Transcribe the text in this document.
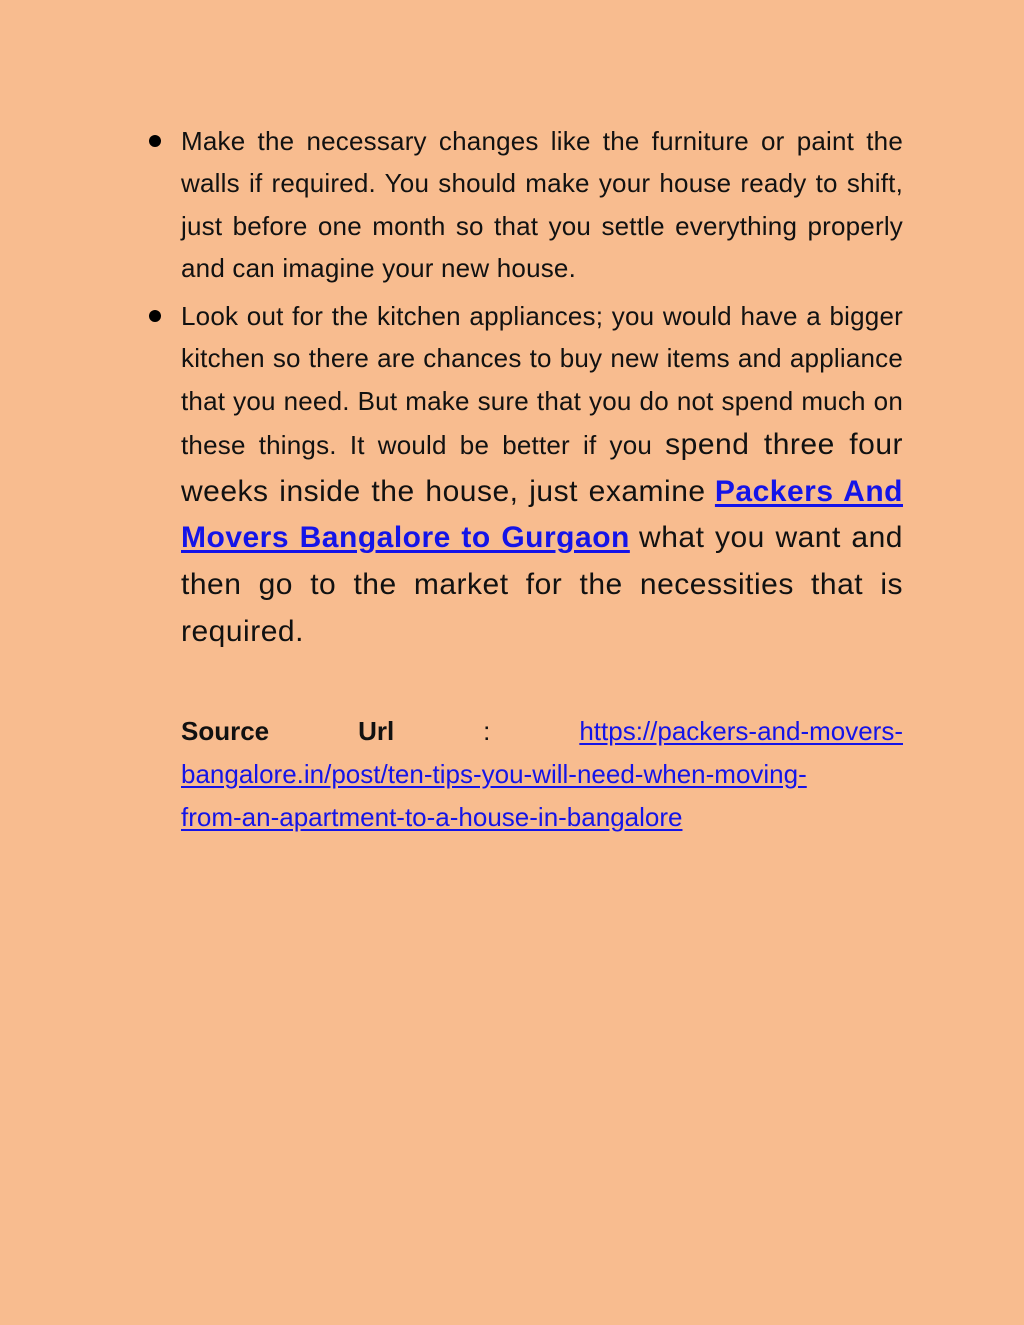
Make the necessary changes like the furniture or paint the walls if required. You should make your house ready to shift, just before one month so that you settle everything properly and can imagine your new house.
Look out for the kitchen appliances; you would have a bigger kitchen so there are chances to buy new items and appliance that you need. But make sure that you do not spend much on these things. It would be better if you spend three four weeks inside the house, just examine Packers And Movers Bangalore to Gurgaon what you want and then go to the market for the necessities that is required.
Source	Url	:	https://packers-and-movers-
bangalore.in/post/ten-tips-you-will-need-when-moving-
from-an-apartment-to-a-house-in-bangalore
